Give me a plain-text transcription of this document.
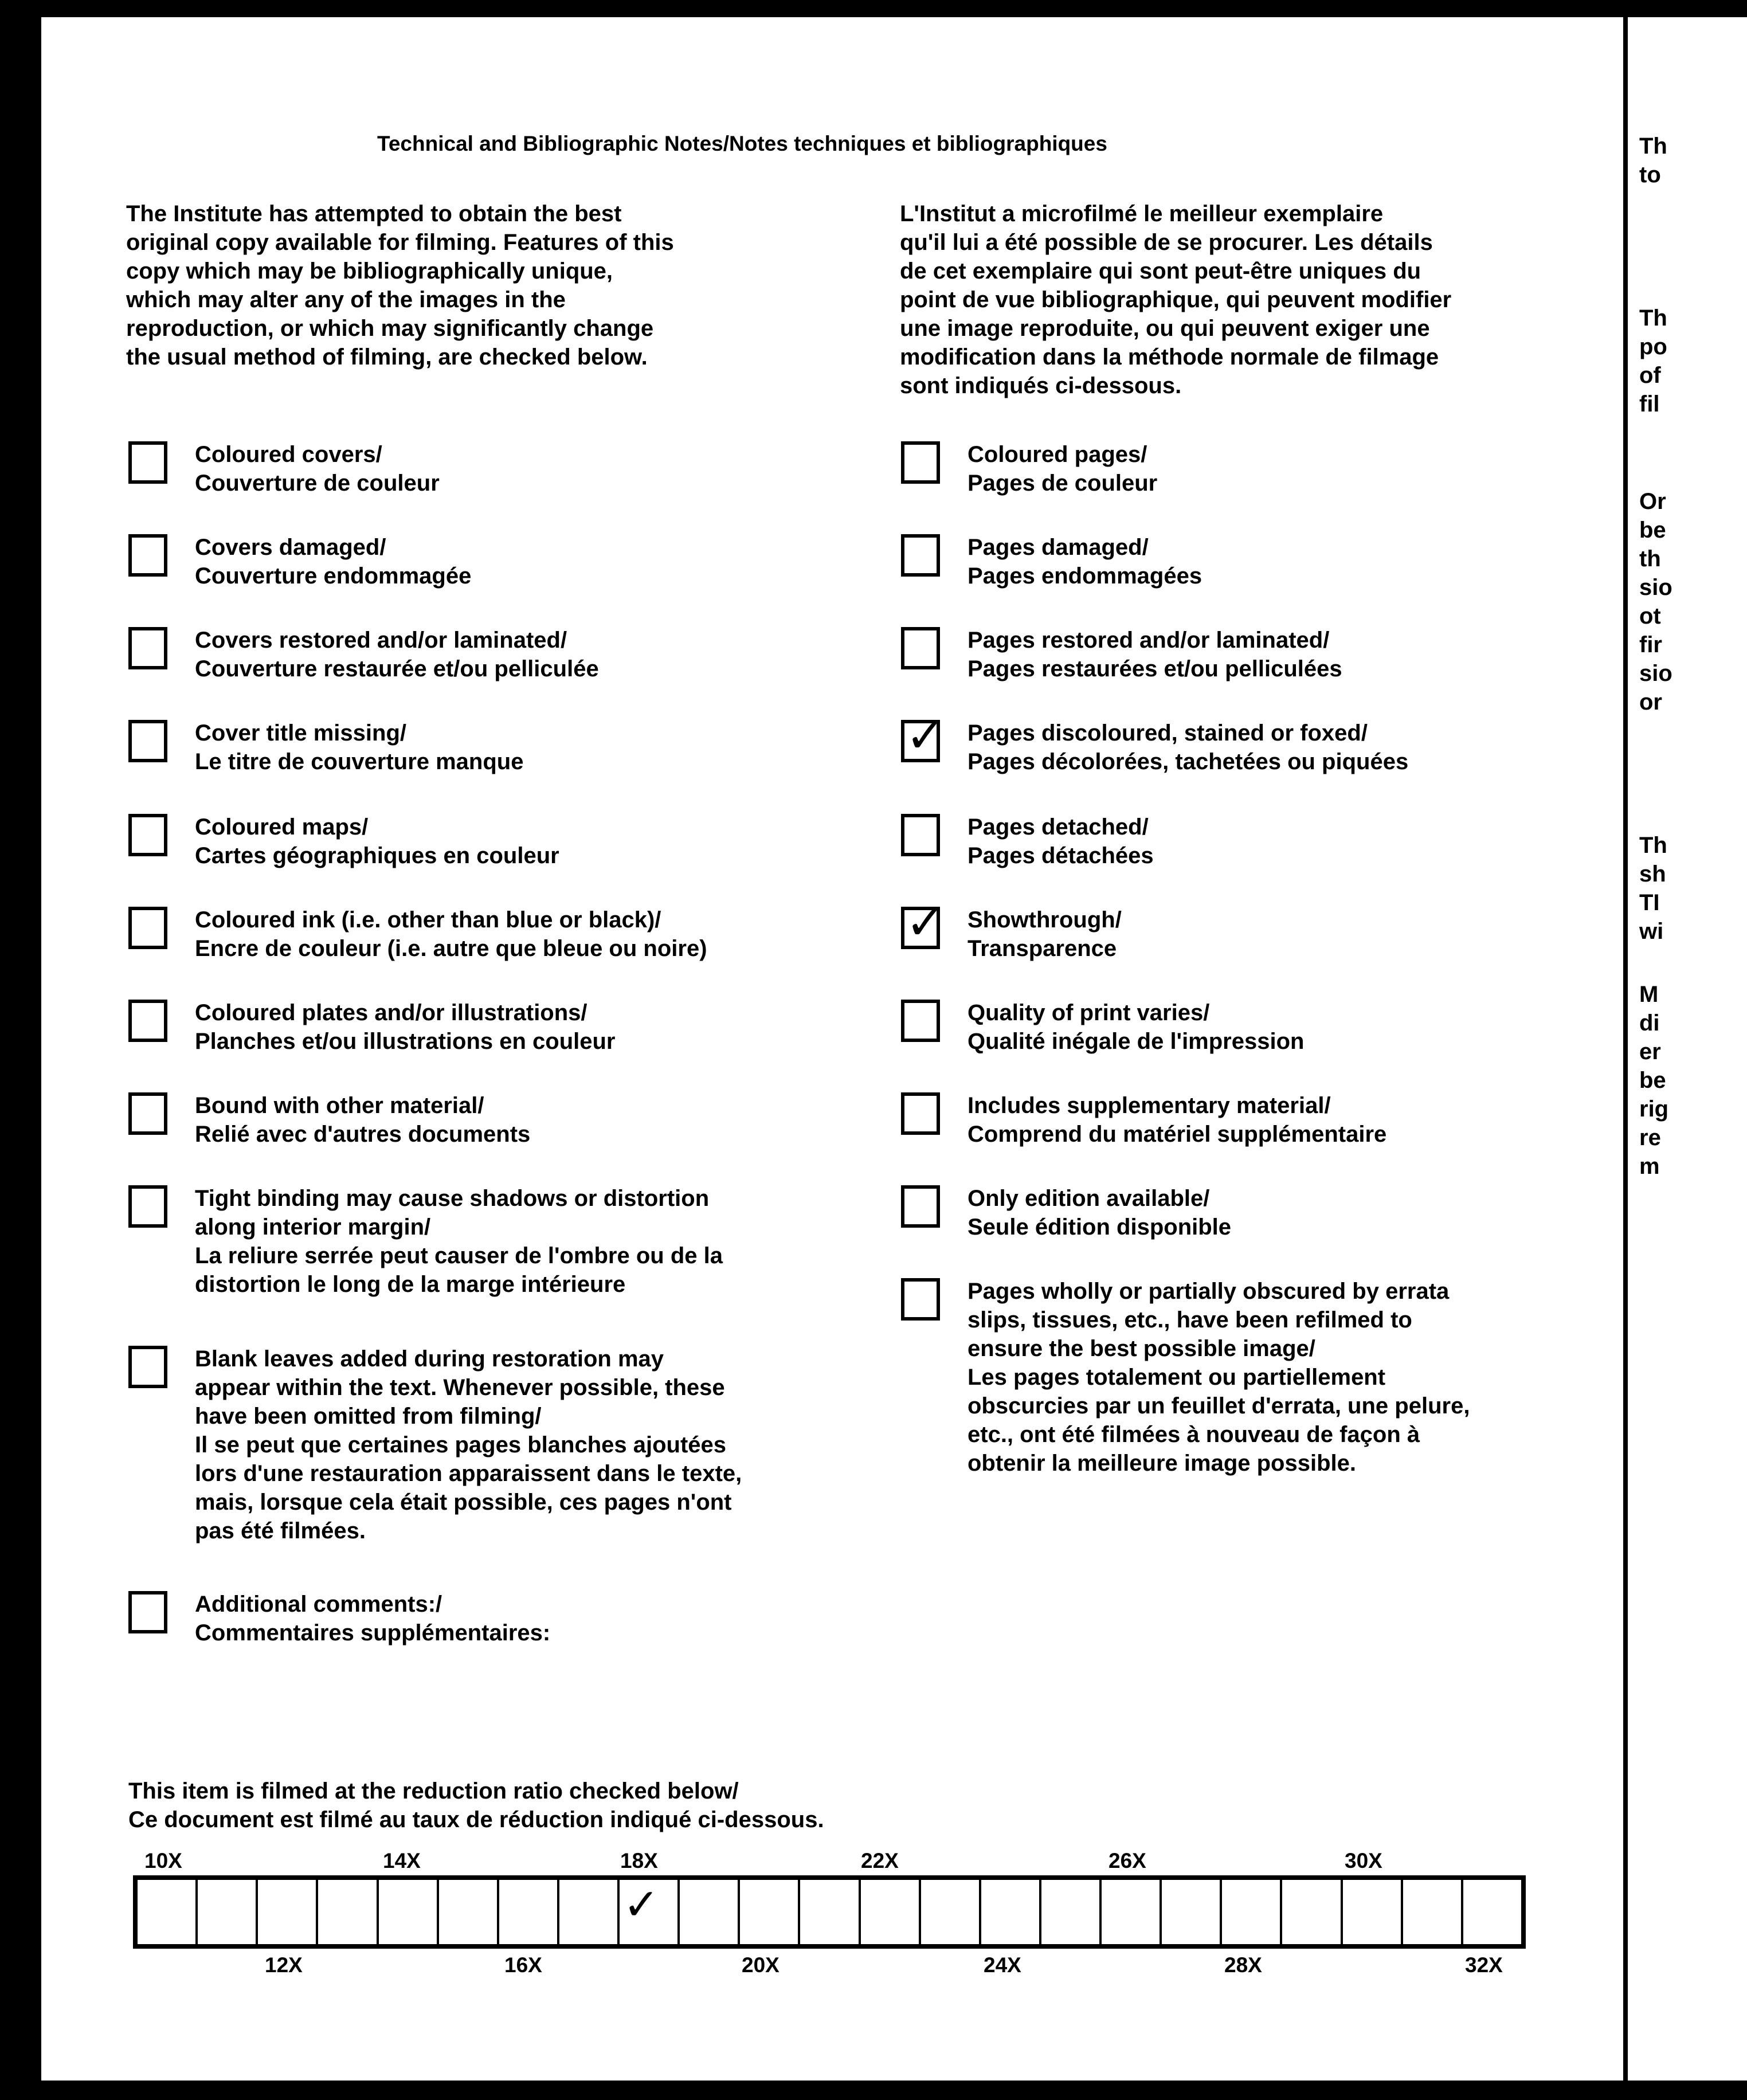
Technical and Bibliographic Notes/Notes techniques et bibliographiques
The Institute has attempted to obtain the best
original copy available for filming. Features of this
copy which may be bibliographically unique,
which may alter any of the images in the
reproduction, or which may significantly change
the usual method of filming, are checked below.
L'Institut a microfilmé le meilleur exemplaire
qu'il lui a été possible de se procurer. Les détails
de cet exemplaire qui sont peut-être uniques du
point de vue bibliographique, qui peuvent modifier
une image reproduite, ou qui peuvent exiger une
modification dans la méthode normale de filmage
sont indiqués ci-dessous.
Coloured covers/
Couverture de couleur
Covers damaged/
Couverture endommagée
Covers restored and/or laminated/
Couverture restaurée et/ou pelliculée
Cover title missing/
Le titre de couverture manque
Coloured maps/
Cartes géographiques en couleur
Coloured ink (i.e. other than blue or black)/
Encre de couleur (i.e. autre que bleue ou noire)
Coloured plates and/or illustrations/
Planches et/ou illustrations en couleur
Bound with other material/
Relié avec d'autres documents
Tight binding may cause shadows or distortion
along interior margin/
La reliure serrée peut causer de l'ombre ou de la
distortion le long de la marge intérieure
Blank leaves added during restoration may
appear within the text. Whenever possible, these
have been omitted from filming/
Il se peut que certaines pages blanches ajoutées
lors d'une restauration apparaissent dans le texte,
mais, lorsque cela était possible, ces pages n'ont
pas été filmées.
Additional comments:/
Commentaires supplémentaires:
Coloured pages/
Pages de couleur
Pages damaged/
Pages endommagées
Pages restored and/or laminated/
Pages restaurées et/ou pelliculées
✓ Pages discoloured, stained or foxed/
Pages décolorées, tachetées ou piquées
Pages detached/
Pages détachées
✓ Showthrough/
Transparence
Quality of print varies/
Qualité inégale de l'impression
Includes supplementary material/
Comprend du matériel supplémentaire
Only edition available/
Seule édition disponible
Pages wholly or partially obscured by errata
slips, tissues, etc., have been refilmed to
ensure the best possible image/
Les pages totalement ou partiellement
obscurcies par un feuillet d'errata, une pelure,
etc., ont été filmées à nouveau de façon à
obtenir la meilleure image possible.
This item is filmed at the reduction ratio checked below/
Ce document est filmé au taux de réduction indiqué ci-dessous.
10X	14X	18X	22X	26X	30X
✓
12X	16X	20X	24X	28X	32X
Th
to
Th
po
of
fil
Or
be
th
sio
ot
fir
sio
or
Th
sh
TI
wi
M
di
er
be
rig
re
m
